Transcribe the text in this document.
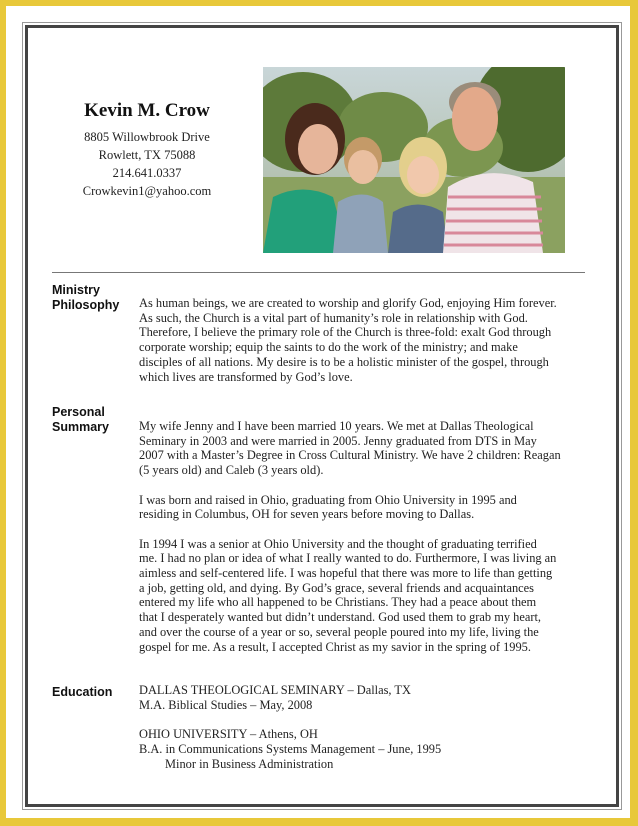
Kevin M. Crow
8805 Willowbrook Drive
Rowlett, TX 75088
214.641.0337
Crowkevin1@yahoo.com
Ministry
Philosophy As human beings, we are created to worship and glorify God, enjoying Him forever.
As such, the Church is a vital part of humanity’s role in relationship with God.
Therefore, I believe the primary role of the Church is three-fold: exalt God through
corporate worship; equip the saints to do the work of the ministry; and make
disciples of all nations. My desire is to be a holistic minister of the gospel, through
which lives are transformed by God’s love.
Personal
Summary My wife Jenny and I have been married 10 years. We met at Dallas Theological
Seminary in 2003 and were married in 2005. Jenny graduated from DTS in May
2007 with a Master’s Degree in Cross Cultural Ministry. We have 2 children: Reagan
(5 years old) and Caleb (3 years old).

I was born and raised in Ohio, graduating from Ohio University in 1995 and
residing in Columbus, OH for seven years before moving to Dallas.

In 1994 I was a senior at Ohio University and the thought of graduating terrified
me. I had no plan or idea of what I really wanted to do. Furthermore, I was living an
aimless and self-centered life. I was hopeful that there was more to life than getting
a job, getting old, and dying. By God’s grace, several friends and acquaintances
entered my life who all happened to be Christians. They had a peace about them
that I desperately wanted but didn’t understand. God used them to grab my heart,
and over the course of a year or so, several people poured into my life, living the
gospel for me. As a result, I accepted Christ as my savior in the spring of 1995.

Education DALLAS THEOLOGICAL SEMINARY – Dallas, TX
M.A. Biblical Studies – May, 2008

OHIO UNIVERSITY – Athens, OH
B.A. in Communications Systems Management – June, 1995
Minor in Business Administration
